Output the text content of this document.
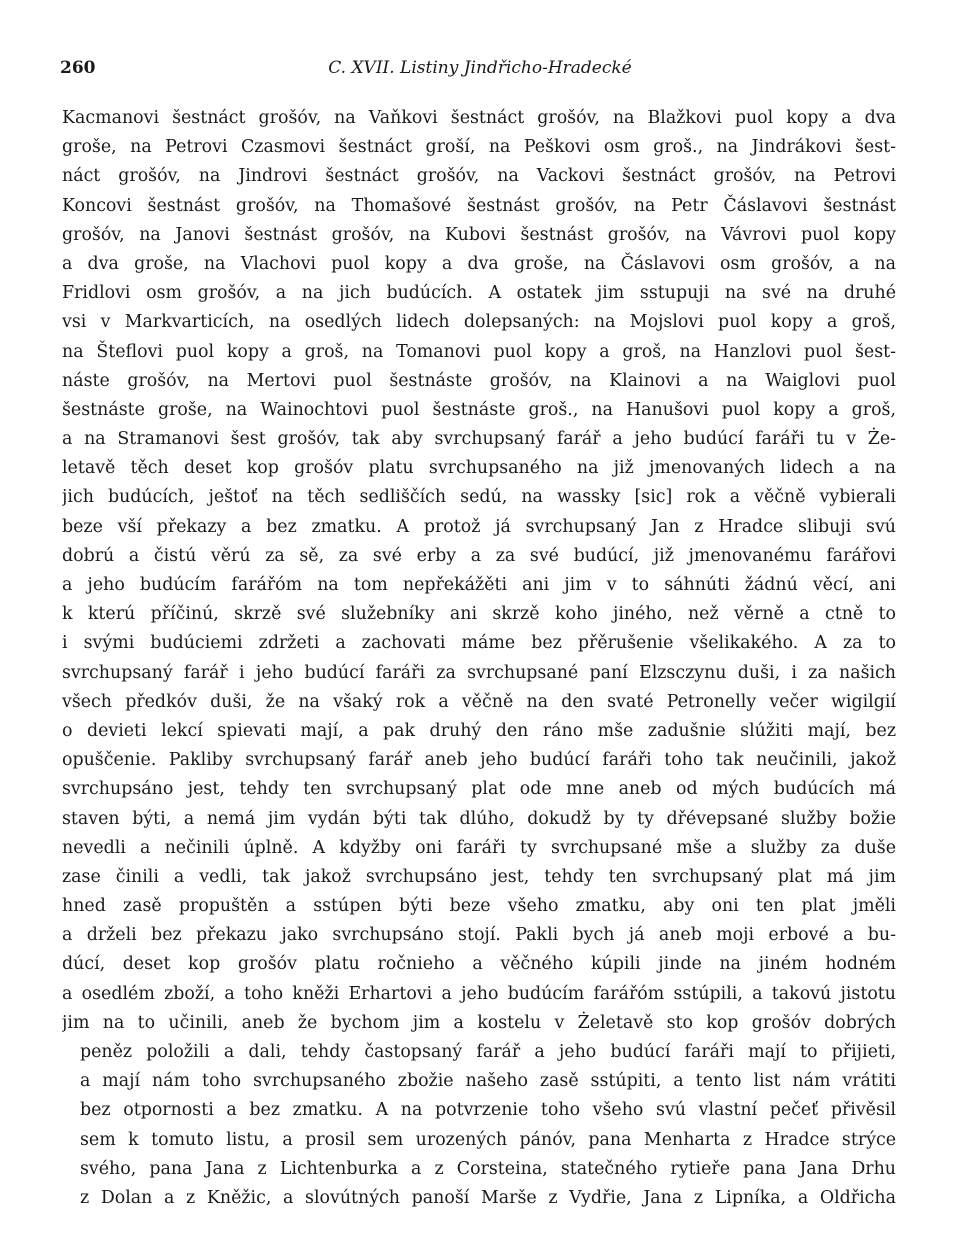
260	C. XVII. Listiny Jindřicho-Hradecké
Kacmanovi šestnáct grošóv, na Vaňkovi šestnáct grošóv, na Blažkovi puol kopy a dva
groše, na Petrovi Czasmovi šestnáct groší, na Peškovi osm groš., na Jindrákovi šest-
náct grošóv, na Jindrovi šestnáct grošóv, na Vackovi šestnáct grošóv, na Petrovi
Koncovi šestnást grošóv, na Thomašové šestnást grošóv, na Petr Čáslavovi šestnást
grošóv, na Janovi šestnást grošóv, na Kubovi šestnást grošóv, na Vávrovi puol kopy
a dva groše, na Vlachovi puol kopy a dva groše, na Čáslavovi osm grošóv, a na
Fridlovi osm grošóv, a na jich budúcích. A ostatek jim sstupuji na své na druhé
vsi v Markvarticích, na osedlých lidech dolepsaných: na Mojslovi puol kopy a groš,
na Šteflovi puol kopy a groš, na Tomanovi puol kopy a groš, na Hanzlovi puol šest-
náste grošóv, na Mertovi puol šestnáste grošóv, na Klainovi a na Waiglovi puol
šestnáste groše, na Wainochtovi puol šestnáste groš., na Hanušovi puol kopy a groš,
a na Stramanovi šest grošóv, tak aby svrchupsaný farář a jeho budúcí faráři tu v Że-
letavě těch deset kop grošóv platu svrchupsaného na již jmenovaných lidech a na
jich budúcích, ještoť na těch sedliščích sedú, na wassky [sic] rok a věčně vybierali
beze vší překazy a bez zmatku. A protož já svrchupsaný Jan z Hradce slibuji svú
dobrú a čistú věrú za sě, za své erby a za své budúcí, již jmenovanému farářovi
a jeho budúcím farářóm na tom nepřekážěti ani jim v to sáhnúti žádnú věcí, ani
k kterú příčinú, skrzě své služebníky ani skrzě koho jiného, než věrně a ctně to
i svými budúciemi zdržeti a zachovati máme bez přěrušenie všelikakého. A za to
svrchupsaný farář i jeho budúcí faráři za svrchupsané paní Elzsczynu duši, i za našich
všech předkóv duši, že na všaký rok a věčně na den svaté Petronelly večer wigilgií
o devieti lekcí spievati mají, a pak druhý den ráno mše zadušnie slúžiti mají, bez
opuščenie. Pakliby svrchupsaný farář aneb jeho budúcí faráři toho tak neučinili, jakož
svrchupsáno jest, tehdy ten svrchupsaný plat ode mne aneb od mých budúcích má
staven býti, a nemá jim vydán býti tak dlúho, dokudž by ty dřévepsané služby božie
nevedli a nečinili úplně. A kdyžby oni faráři ty svrchupsané mše a služby za duše
zase činili a vedli, tak jakož svrchupsáno jest, tehdy ten svrchupsaný plat má jim
hned zasě propuštěn a sstúpen býti beze všeho zmatku, aby oni ten plat jměli
a drželi bez překazu jako svrchupsáno stojí. Pakli bych já aneb moji erbové a bu-
dúcí, deset kop grošóv platu ročnieho a věčného kúpili jinde na jiném hodném
a osedlém zboží, a toho kněži Erhartovi a jeho budúcím farářóm sstúpili, a takovú jistotu
jim na to učinili, aneb že bychom jim a kostelu v Żeletavě sto kop grošóv dobrých
peněz položili a dali, tehdy častopsaný farář a jeho budúcí faráři mají to přijieti,
a mají nám toho svrchupsaného zbožie našeho zasě sstúpiti, a tento list nám vrátiti
bez otpornosti a bez zmatku. A na potvrzenie toho všeho svú vlastní pečeť přivěsil
sem k tomuto listu, a prosil sem urozených pánóv, pana Menharta z Hradce strýce
svého, pana Jana z Lichtenburka a z Corsteina, statečného rytieře pana Jana Drhu
z Dolan a z Kněžic, a slovútných panoší Marše z Vydřie, Jana z Lipníka, a Oldřicha
